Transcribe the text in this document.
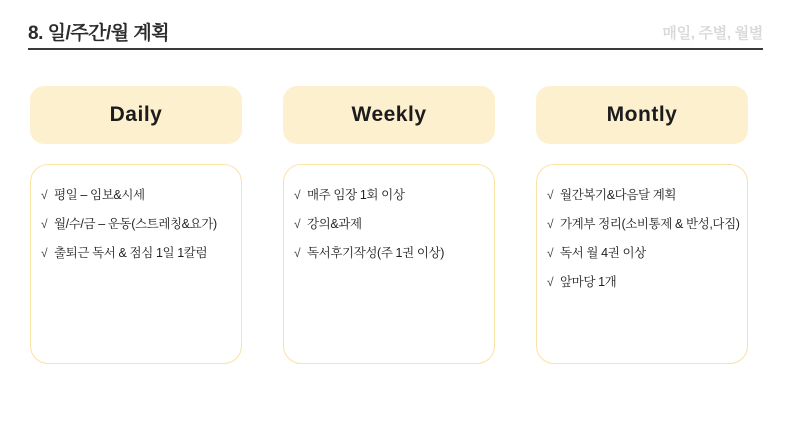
8. 일/주간/월 계획	매일, 주별, 월별
Daily
√ 평일 – 임보&시세
√ 월/수/금 – 운동(스트레칭&요가)
√ 출퇴근 독서 & 점심 1일 1칼럼
Weekly
√ 매주 임장 1회 이상
√ 강의&과제
√ 독서후기작성(주 1권 이상)
Montly
√ 월간복기&다음달 계획
√ 가계부 정리(소비통제 & 반성,다짐)
√ 독서 월 4권 이상
√ 앞마당 1개
